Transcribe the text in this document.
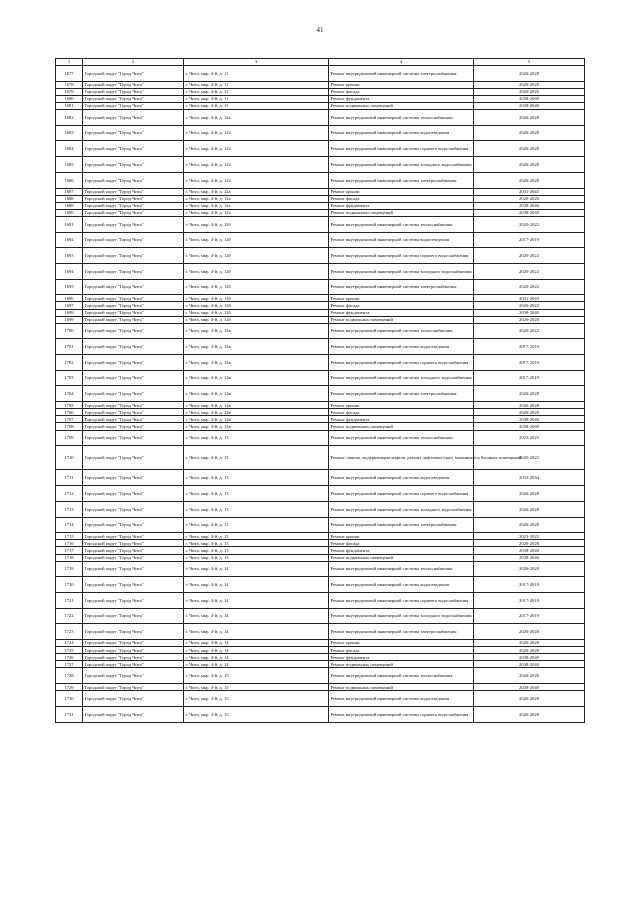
41
1	2	3	4	5
1677	Городской округ "Город Чита"	г. Чита, мкр. 4-й, д. 11	Ремонт внутридомовой инженерной системы электроснабжения	2026-2028
1678	Городской округ "Город Чита"	г. Чита, мкр. 4-й, д. 11	Ремонт крыши	2026-2028
1679	Городской округ "Город Чита"	г. Чита, мкр. 4-й, д. 11	Ремонт фасада	2026-2028
1680	Городской округ "Город Чита"	г. Чита, мкр. 4-й, д. 11	Ремонт фундамента	2038-2040
1681	Городской округ "Город Чита"	г. Чита, мкр. 4-й, д. 11	Ремонт подвальных помещений	2038-2040
1682	Городской округ "Город Чита"	г. Чита, мкр. 4-й, д. 12а	Ремонт внутридомовой инженерной системы теплоснабжения	2026-2028
1683	Городской округ "Город Чита"	г. Чита, мкр. 4-й, д. 12а	Ремонт внутридомовой инженерной системы водоотведения	2026-2028
1684	Городской округ "Город Чита"	г. Чита, мкр. 4-й, д. 12а	Ремонт внутридомовой инженерной системы горячего водоснабжения	2026-2028
1685	Городской округ "Город Чита"	г. Чита, мкр. 4-й, д. 12а	Ремонт внутридомовой инженерной системы холодного водоснабжения	2026-2028
1686	Городской округ "Город Чита"	г. Чита, мкр. 4-й, д. 12а	Ремонт внутридомовой инженерной системы электроснабжения	2026-2028
1687	Городской округ "Город Чита"	г. Чита, мкр. 4-й, д. 12а	Ремонт крыши	2041-2043
1688	Городской округ "Город Чита"	г. Чита, мкр. 4-й, д. 12а	Ремонт фасада	2026-2028
1689	Городской округ "Город Чита"	г. Чита, мкр. 4-й, д. 12а	Ремонт фундамента	2038-2040
1690	Городской округ "Город Чита"	г. Чита, мкр. 4-й, д. 12а	Ремонт подвальных помещений	2038-2040
1691	Городской округ "Город Чита"	г. Чита, мкр. 4-й, д. 12б	Ремонт внутридомовой инженерной системы теплоснабжения	2020-2022
1692	Городской округ "Город Чита"	г. Чита, мкр. 4-й, д. 12б	Ремонт внутридомовой инженерной системы водоотведения	2017-2019
1693	Городской округ "Город Чита"	г. Чита, мкр. 4-й, д. 12б	Ремонт внутридомовой инженерной системы горячего водоснабжения	2020-2022
1694	Городской округ "Город Чита"	г. Чита, мкр. 4-й, д. 12б	Ремонт внутридомовой инженерной системы холодного водоснабжения	2020-2022
1695	Городской округ "Город Чита"	г. Чита, мкр. 4-й, д. 12б	Ремонт внутридомовой инженерной системы электроснабжения	2020-2022
1696	Городской округ "Город Чита"	г. Чита, мкр. 4-й, д. 12б	Ремонт крыши	2041-2043
1697	Городской округ "Город Чита"	г. Чита, мкр. 4-й, д. 12б	Ремонт фасада	2020-2022
1698	Городской округ "Город Чита"	г. Чита, мкр. 4-й, д. 12б	Ремонт фундамента	2038-2040
1699	Городской округ "Город Чита"	г. Чита, мкр. 4-й, д. 12б	Ремонт подвальных помещений	2026-2028
1700	Городской округ "Город Чита"	г. Чита, мкр. 4-й, д. 12в	Ремонт внутридомовой инженерной системы теплоснабжения	2020-2022
1701	Городской округ "Город Чита"	г. Чита, мкр. 4-й, д. 12в	Ремонт внутридомовой инженерной системы водоотведения	2017-2019
1702	Городской округ "Город Чита"	г. Чита, мкр. 4-й, д. 12в	Ремонт внутридомовой инженерной системы горячего водоснабжения	2017-2019
1703	Городской округ "Город Чита"	г. Чита, мкр. 4-й, д. 12в	Ремонт внутридомовой инженерной системы холодного водоснабжения	2017-2019
1704	Городской округ "Город Чита"	г. Чита, мкр. 4-й, д. 12в	Ремонт внутридомовой инженерной системы электроснабжения	2026-2028
1705	Городской округ "Город Чита"	г. Чита, мкр. 4-й, д. 12в	Ремонт крыши	2026-2028
1706	Городской округ "Город Чита"	г. Чита, мкр. 4-й, д. 12в	Ремонт фасада	2026-2028
1707	Городской округ "Город Чита"	г. Чита, мкр. 4-й, д. 12в	Ремонт фундамента	2038-2040
1708	Городской округ "Город Чита"	г. Чита, мкр. 4-й, д. 12в	Ремонт подвальных помещений	2038-2040
1709	Городской округ "Город Чита"	г. Чита, мкр. 4-й, д. 13	Ремонт внутридомовой инженерной системы теплоснабжения	2023-2025
1710	Городской округ "Город Чита"	г. Чита, мкр. 4-й, д. 13	Ремонт, замена, модернизация лифтов, ремонт лифтовых шахт, машинных и блочных помещений	2020-2022
1711	Городской округ "Город Чита"	г. Чита, мкр. 4-й, д. 13	Ремонт внутридомовой инженерной системы водоотведения	2032-2034
1712	Городской округ "Город Чита"	г. Чита, мкр. 4-й, д. 13	Ремонт внутридомовой инженерной системы горячего водоснабжения	2026-2028
1713	Городской округ "Город Чита"	г. Чита, мкр. 4-й, д. 13	Ремонт внутридомовой инженерной системы холодного водоснабжения	2026-2028
1714	Городской округ "Город Чита"	г. Чита, мкр. 4-й, д. 13	Ремонт внутридомовой инженерной системы электроснабжения	2026-2028
1715	Городской округ "Город Чита"	г. Чита, мкр. 4-й, д. 13	Ремонт крыши	2023-2025
1716	Городской округ "Город Чита"	г. Чита, мкр. 4-й, д. 13	Ремонт фасада	2026-2028
1717	Городской округ "Город Чита"	г. Чита, мкр. 4-й, д. 13	Ремонт фундамента	2038-2040
1718	Городской округ "Город Чита"	г. Чита, мкр. 4-й, д. 13	Ремонт подвальных помещений	2038-2040
1719	Городской округ "Город Чита"	г. Чита, мкр. 4-й, д. 14	Ремонт внутридомовой инженерной системы теплоснабжения	2026-2028
1720	Городской округ "Город Чита"	г. Чита, мкр. 4-й, д. 14	Ремонт внутридомовой инженерной системы водоотведения	2017-2019
1721	Городской округ "Город Чита"	г. Чита, мкр. 4-й, д. 14	Ремонт внутридомовой инженерной системы горячего водоснабжения	2017-2019
1722	Городской округ "Город Чита"	г. Чита, мкр. 4-й, д. 14	Ремонт внутридомовой инженерной системы холодного водоснабжения	2017-2019
1723	Городской округ "Город Чита"	г. Чита, мкр. 4-й, д. 14	Ремонт внутридомовой инженерной системы электроснабжения	2026-2028
1724	Городской округ "Город Чита"	г. Чита, мкр. 4-й, д. 14	Ремонт крыши	2026-2028
1725	Городской округ "Город Чита"	г. Чита, мкр. 4-й, д. 14	Ремонт фасада	2026-2028
1726	Городской округ "Город Чита"	г. Чита, мкр. 4-й, д. 14	Ремонт фундамента	2038-2040
1727	Городской округ "Город Чита"	г. Чита, мкр. 4-й, д. 14	Ремонт подвальных помещений	2038-2040
1728	Городской округ "Город Чита"	г. Чита, мкр. 4-й, д. 15	Ремонт внутридомовой инженерной системы теплоснабжения	2026-2028
1729	Городской округ "Город Чита"	г. Чита, мкр. 4-й, д. 15	Ремонт подвальных помещений	2038-2040
1730	Городской округ "Город Чита"	г. Чита, мкр. 4-й, д. 15	Ремонт внутридомовой инженерной системы водоотведения	2026-2028
1731	Городской округ "Город Чита"	г. Чита, мкр. 4-й, д. 15	Ремонт внутридомовой инженерной системы горячего водоснабжения	2026-2028
